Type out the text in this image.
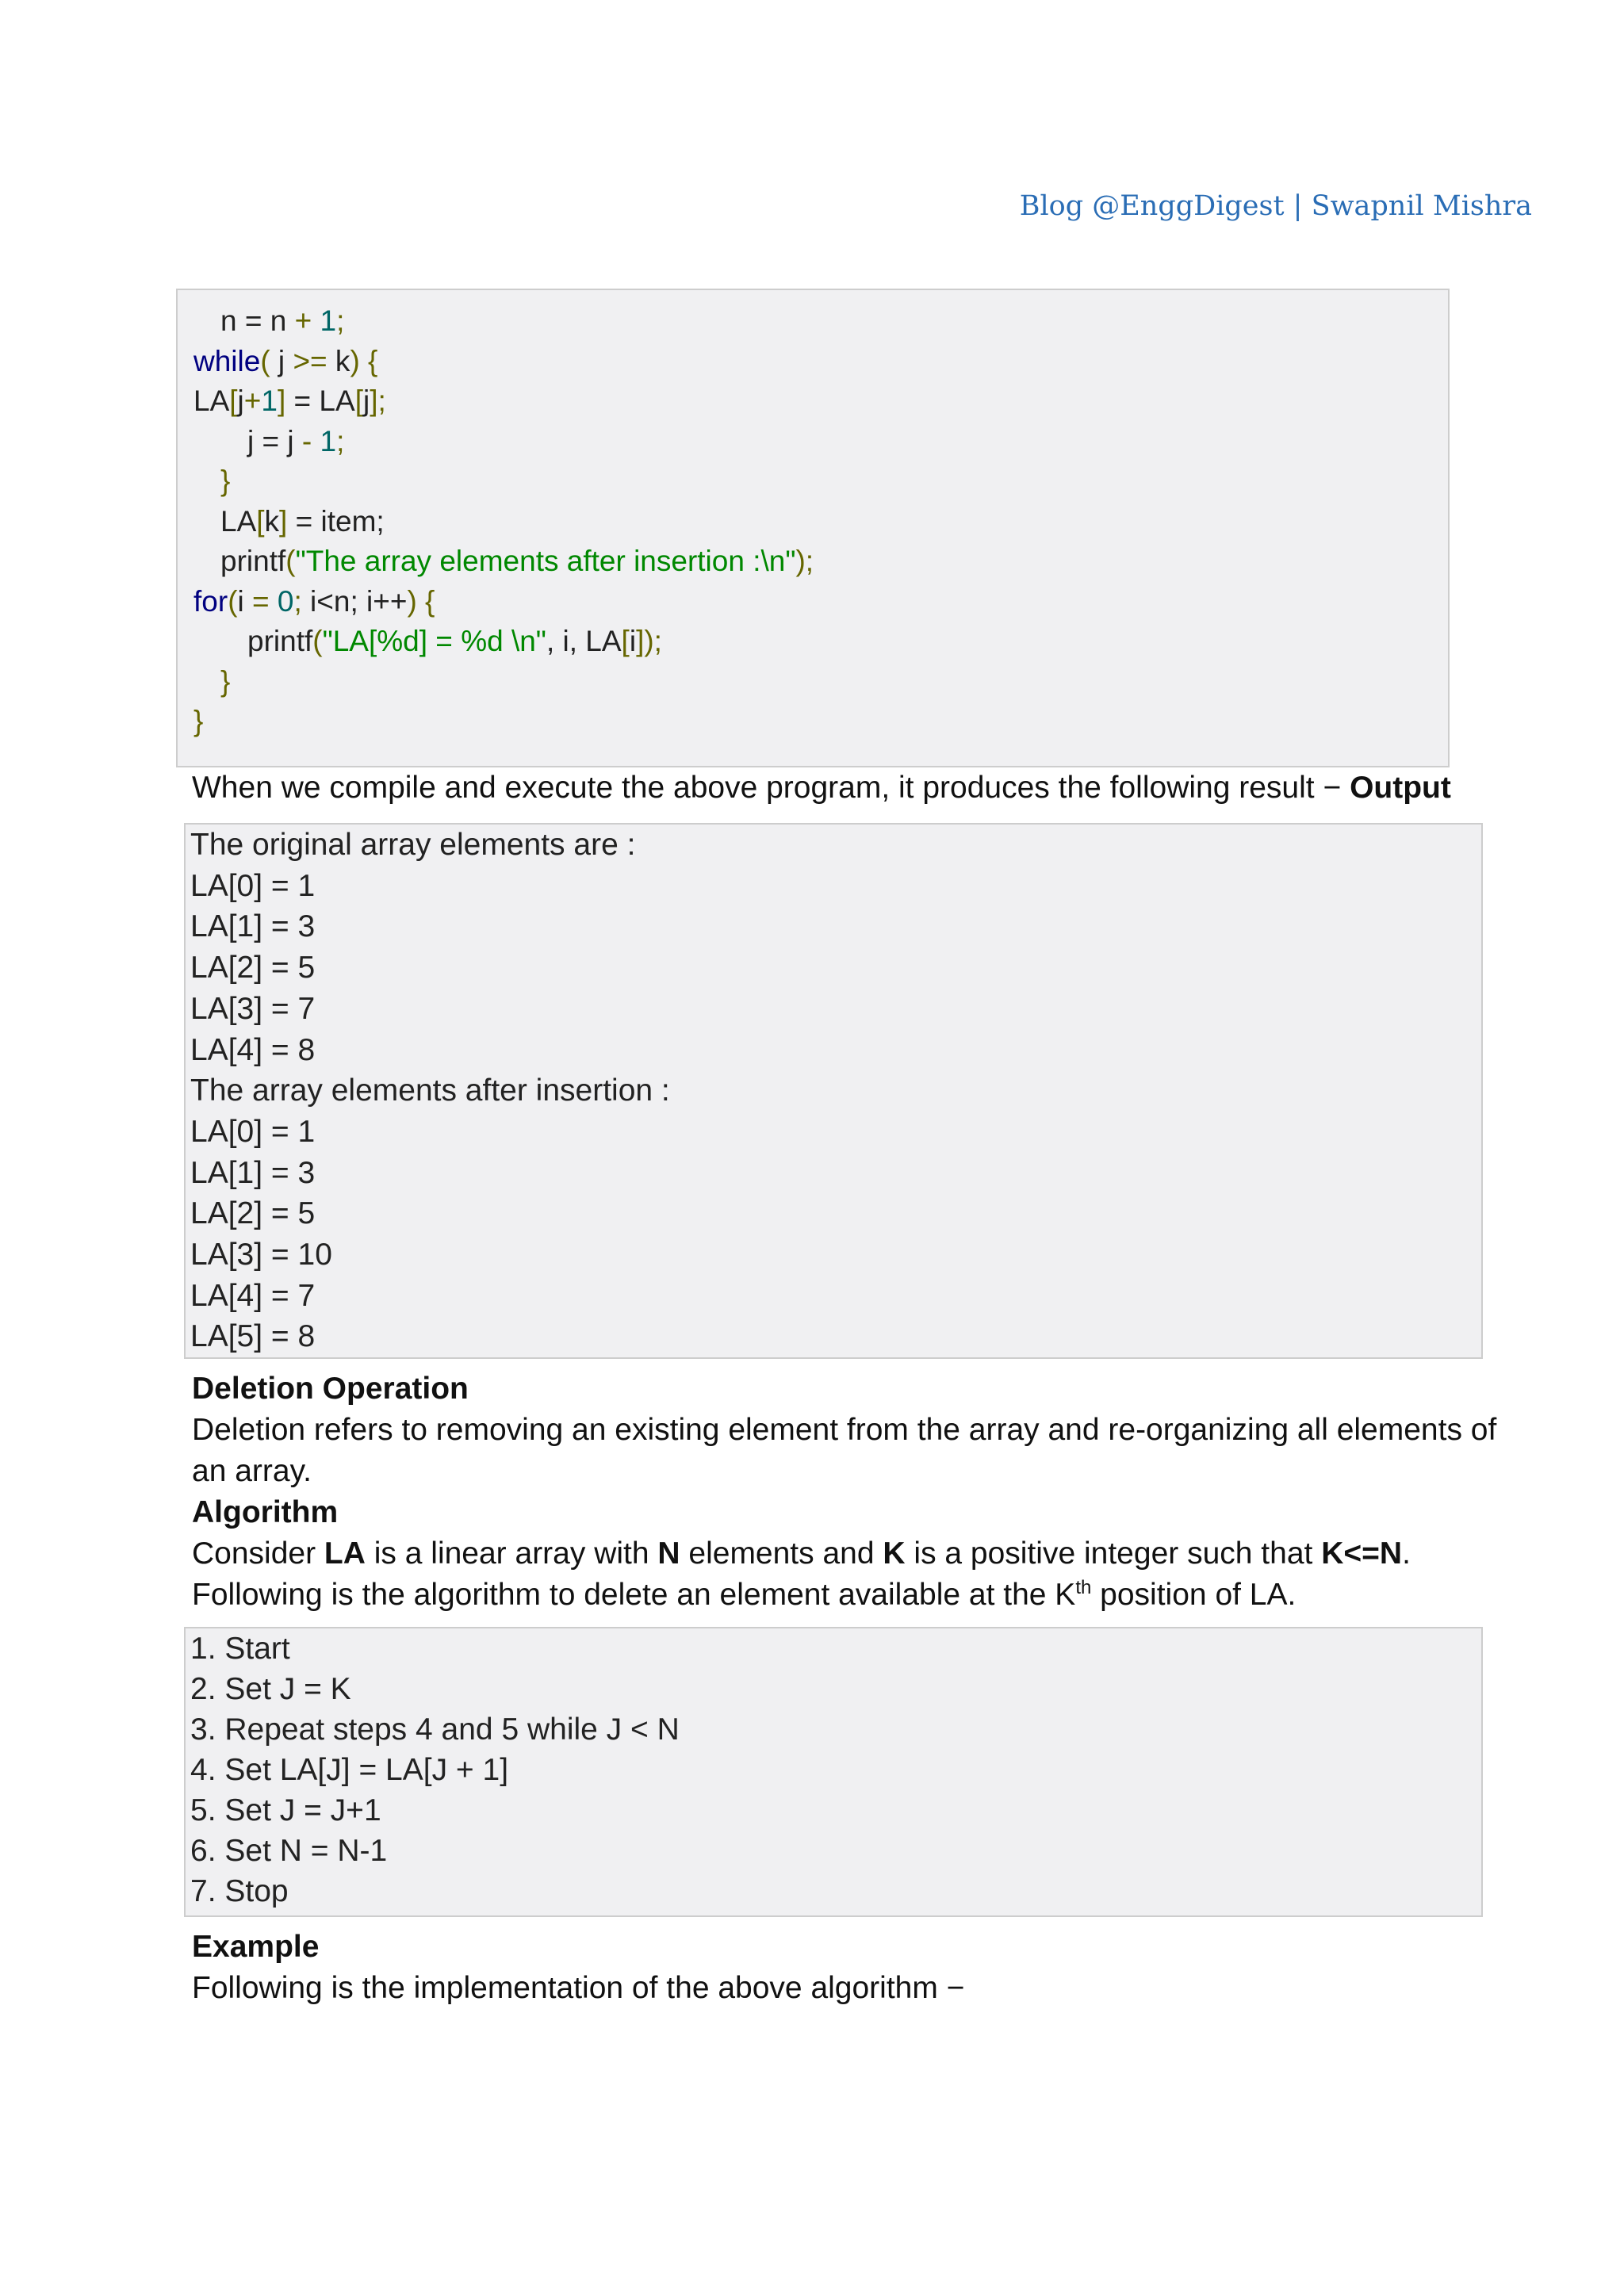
Blog @EnggDigest | Swapnil Mishra
n = n + 1;
while( j >= k) {
LA[j+1] = LA[j];
j = j - 1;
}
LA[k] = item;
printf("The array elements after insertion :\n");
for(i = 0; i<n; i++) {
printf("LA[%d] = %d \n", i, LA[i]);
}
}
When we compile and execute the above program, it produces the following result − Output
The original array elements are :
LA[0] = 1
LA[1] = 3
LA[2] = 5
LA[3] = 7
LA[4] = 8
The array elements after insertion :
LA[0] = 1
LA[1] = 3
LA[2] = 5
LA[3] = 10
LA[4] = 7
LA[5] = 8
Deletion Operation
Deletion refers to removing an existing element from the array and re-organizing all elements of
an array.
Algorithm
Consider LA is a linear array with N elements and K is a positive integer such that K<=N.
Following is the algorithm to delete an element available at the $K^{th}$ position of LA.
1. Start
2. Set J = K
3. Repeat steps 4 and 5 while J < N
4. Set LA[J] = LA[J + 1]
5. Set J = J+1
6. Set N = N-1
7. Stop
Example
Following is the implementation of the above algorithm −
